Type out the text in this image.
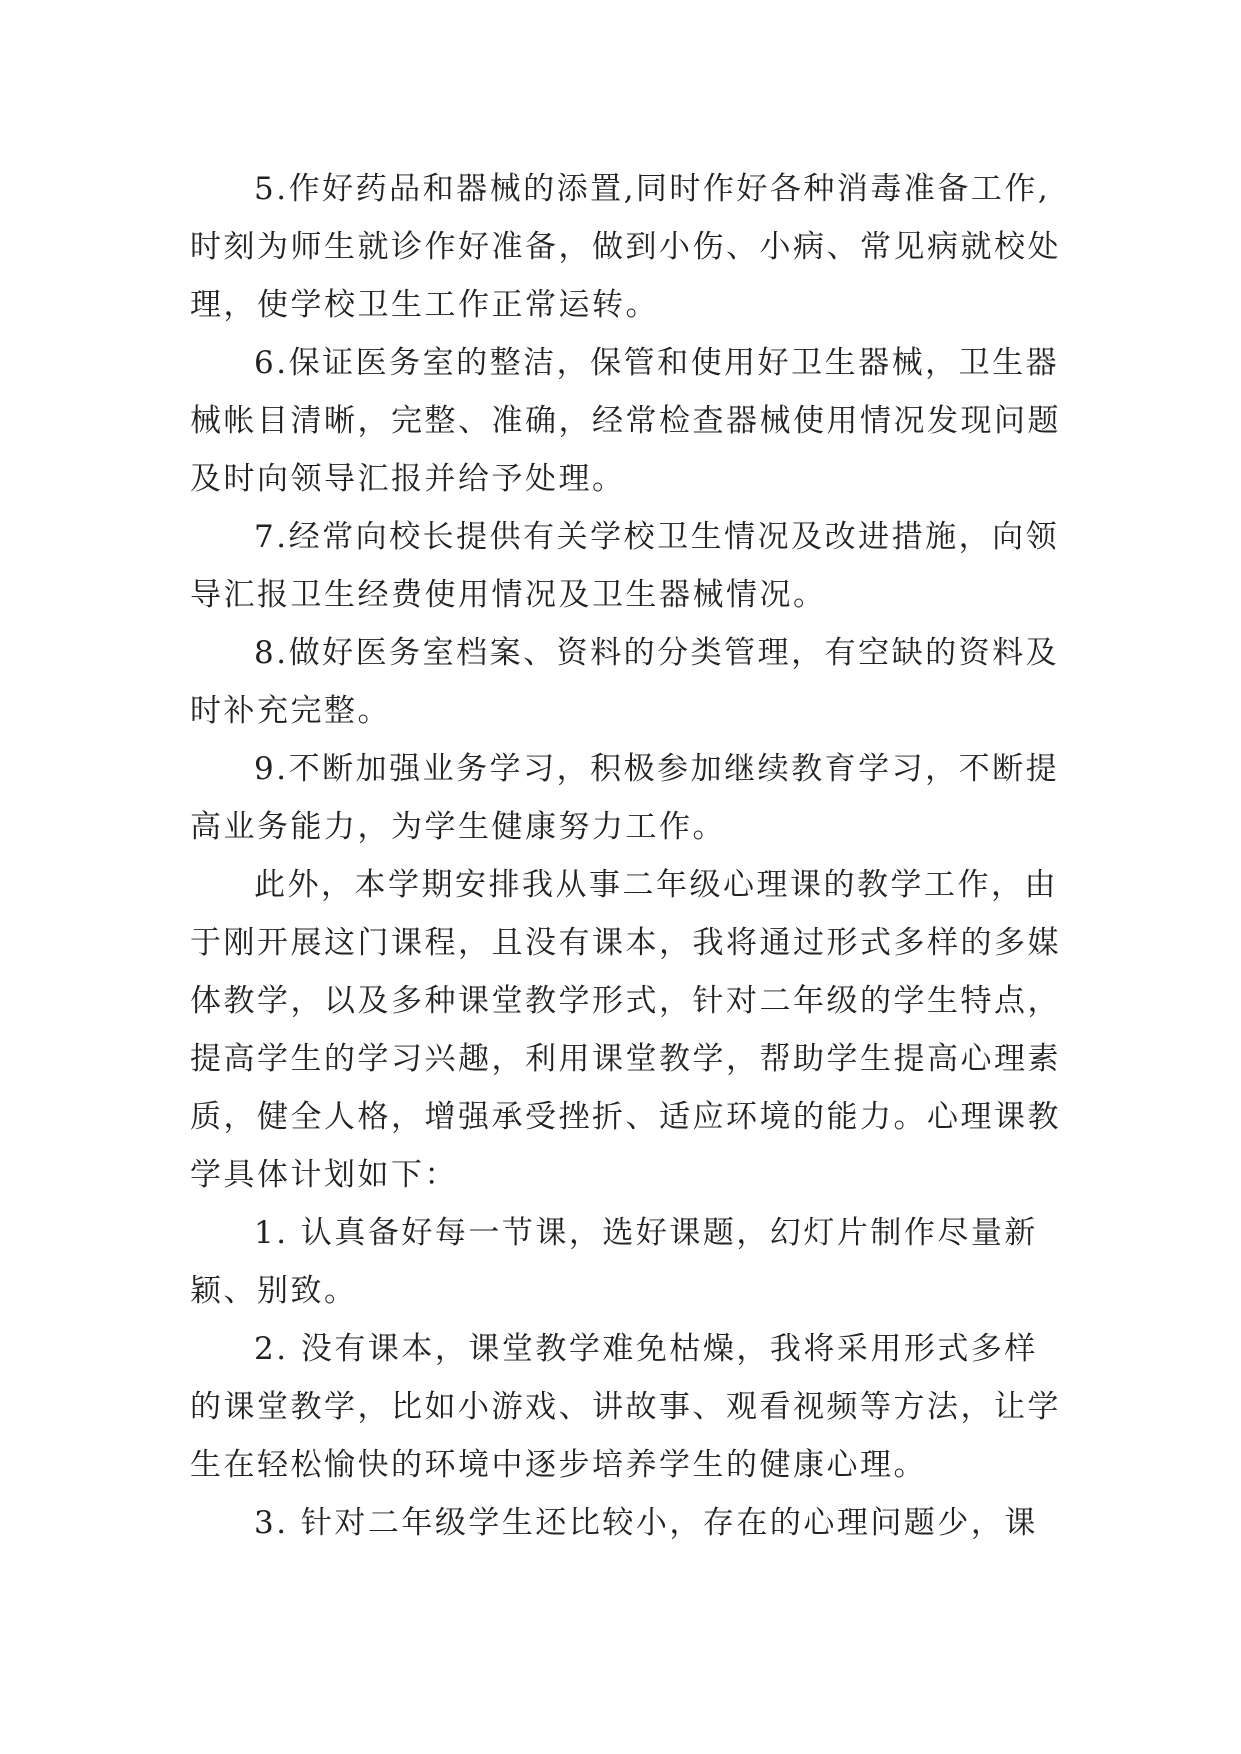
5.作好药品和器械的添置,同时作好各种消毒准备工作,
时刻为师生就诊作好准备，做到小伤、小病、常见病就校处
理，使学校卫生工作正常运转。
6.保证医务室的整洁，保管和使用好卫生器械，卫生器
械帐目清晰，完整、准确，经常检查器械使用情况发现问题
及时向领导汇报并给予处理。
7.经常向校长提供有关学校卫生情况及改进措施，向领
导汇报卫生经费使用情况及卫生器械情况。
8.做好医务室档案、资料的分类管理，有空缺的资料及
时补充完整。
9.不断加强业务学习，积极参加继续教育学习，不断提
高业务能力，为学生健康努力工作。
此外，本学期安排我从事二年级心理课的教学工作，由
于刚开展这门课程，且没有课本，我将通过形式多样的多媒
体教学，以及多种课堂教学形式，针对二年级的学生特点，
提高学生的学习兴趣，利用课堂教学，帮助学生提高心理素
质，健全人格，增强承受挫折、适应环境的能力。心理课教
学具体计划如下：
1. 认真备好每一节课，选好课题，幻灯片制作尽量新
颖、别致。
2. 没有课本，课堂教学难免枯燥，我将采用形式多样
的课堂教学，比如小游戏、讲故事、观看视频等方法，让学
生在轻松愉快的环境中逐步培养学生的健康心理。
3. 针对二年级学生还比较小，存在的心理问题少，课
